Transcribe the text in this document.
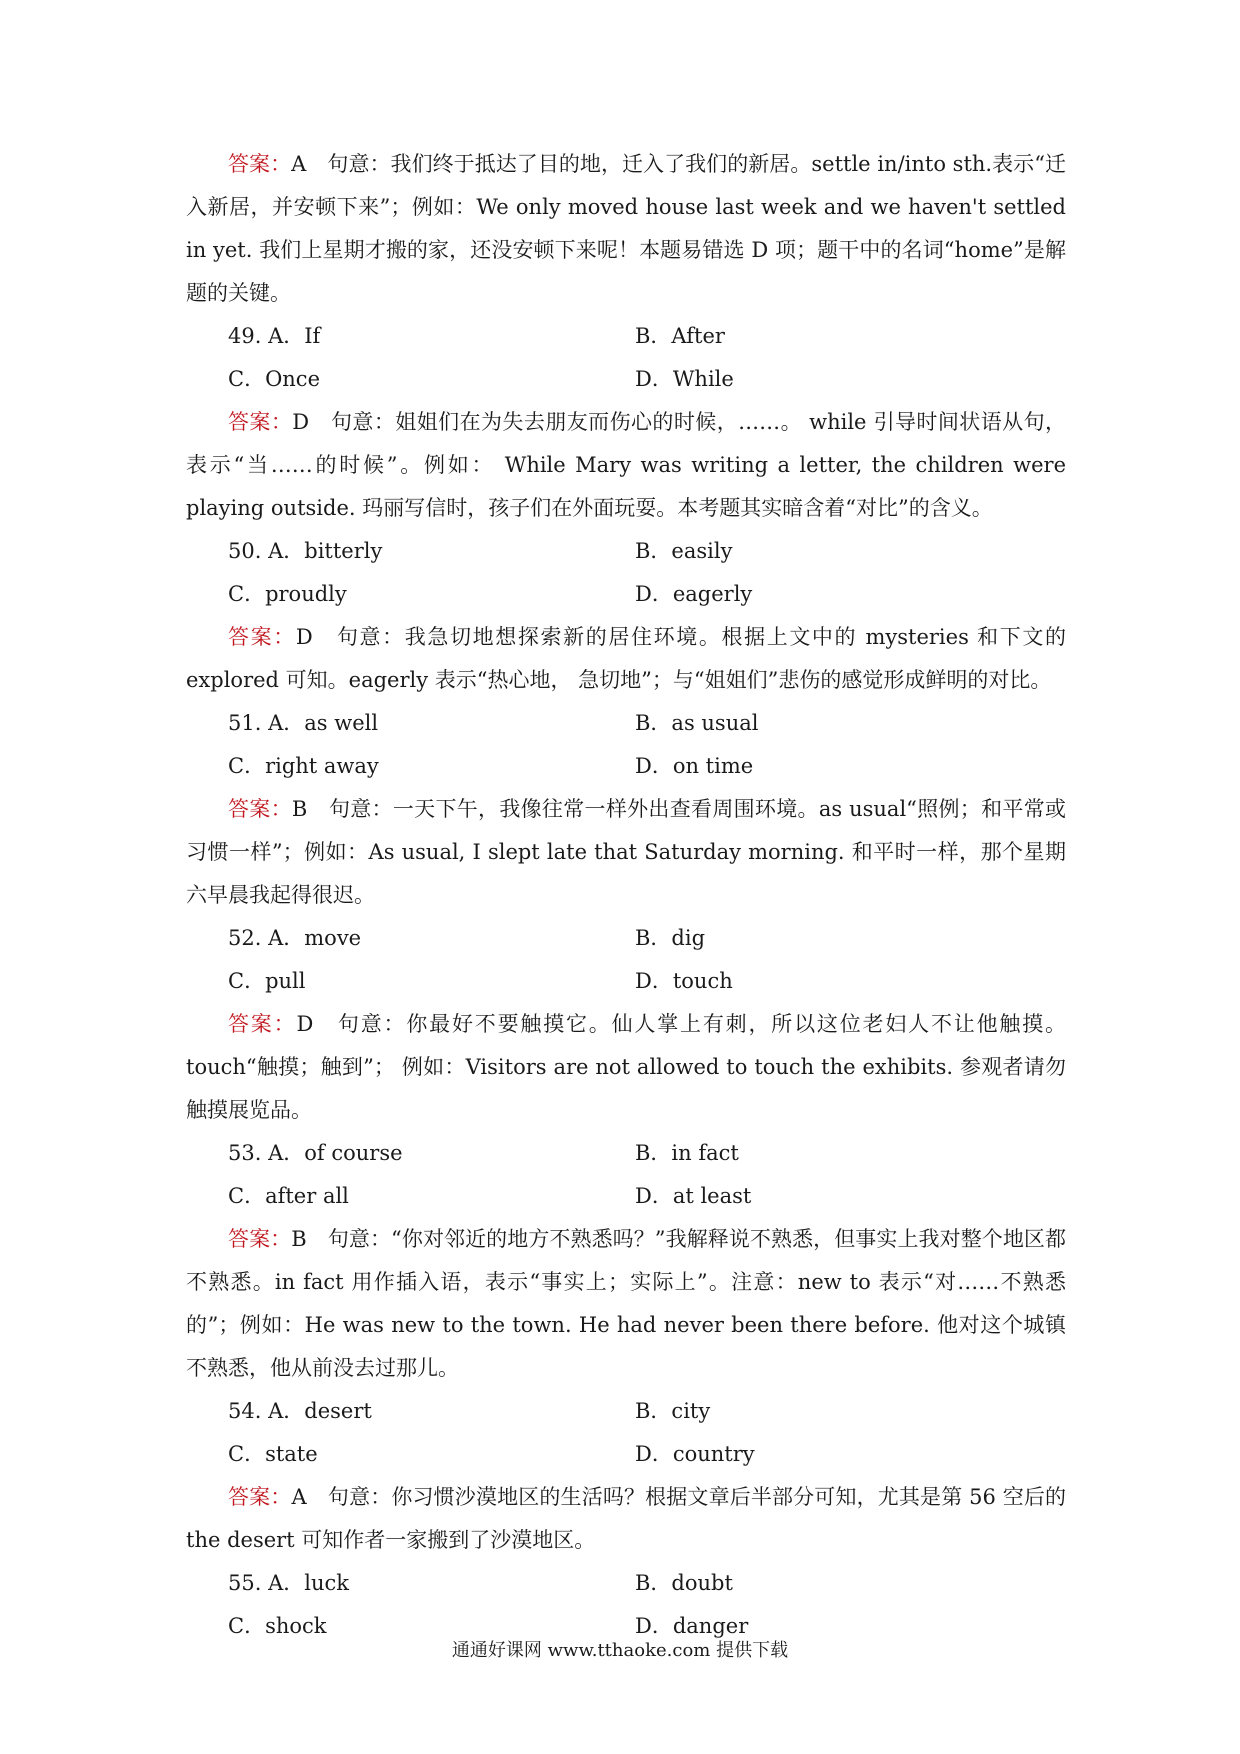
答案：A　句意：我们终于抵达了目的地，迁入了我们的新居。settle in/into sth.表示“迁入新居，并安顿下来”；例如：We only moved house last week and we haven't settled in yet. 我们上星期才搬的家，还没安顿下来呢！本题易错选 D 项；题干中的名词“home”是解题的关键。

49. A．If	B．After
C．Once	D．While

答案：D　句意：姐姐们在为失去朋友而伤心的时候，……。 while 引导时间状语从句，表示“当……的时候”。例如： While Mary was writing a letter, the children were playing outside. 玛丽写信时，孩子们在外面玩耍。本考题其实暗含着“对比”的含义。

50. A．bitterly	B．easily
C．proudly	D．eagerly

答案：D　句意：我急切地想探索新的居住环境。根据上文中的 mysteries 和下文的 explored 可知。eagerly 表示“热心地， 急切地”；与“姐姐们”悲伤的感觉形成鲜明的对比。

51. A．as well	B．as usual
C．right away	D．on time

答案：B　句意：一天下午，我像往常一样外出查看周围环境。as usual“照例；和平常或习惯一样”；例如：As usual, I slept late that Saturday morning. 和平时一样，那个星期六早晨我起得很迟。

52. A．move	B．dig
C．pull	D．touch

答案：D　句意：你最好不要触摸它。仙人掌上有刺，所以这位老妇人不让他触摸。touch“触摸；触到”； 例如：Visitors are not allowed to touch the exhibits. 参观者请勿触摸展览品。

53. A．of course	B．in fact
C．after all	D．at least

答案：B　句意：“你对邻近的地方不熟悉吗？”我解释说不熟悉，但事实上我对整个地区都不熟悉。in fact 用作插入语，表示“事实上；实际上”。注意：new to 表示“对……不熟悉的”；例如：He was new to the town. He had never been there before. 他对这个城镇不熟悉，他从前没去过那儿。

54. A．desert	B．city
C．state	D．country

答案：A　句意：你习惯沙漠地区的生活吗？根据文章后半部分可知，尤其是第 56 空后的 the desert 可知作者一家搬到了沙漠地区。

55. A．luck	B．doubt
C．shock	D．danger
通通好课网 www.tthaoke.com 提供下载
